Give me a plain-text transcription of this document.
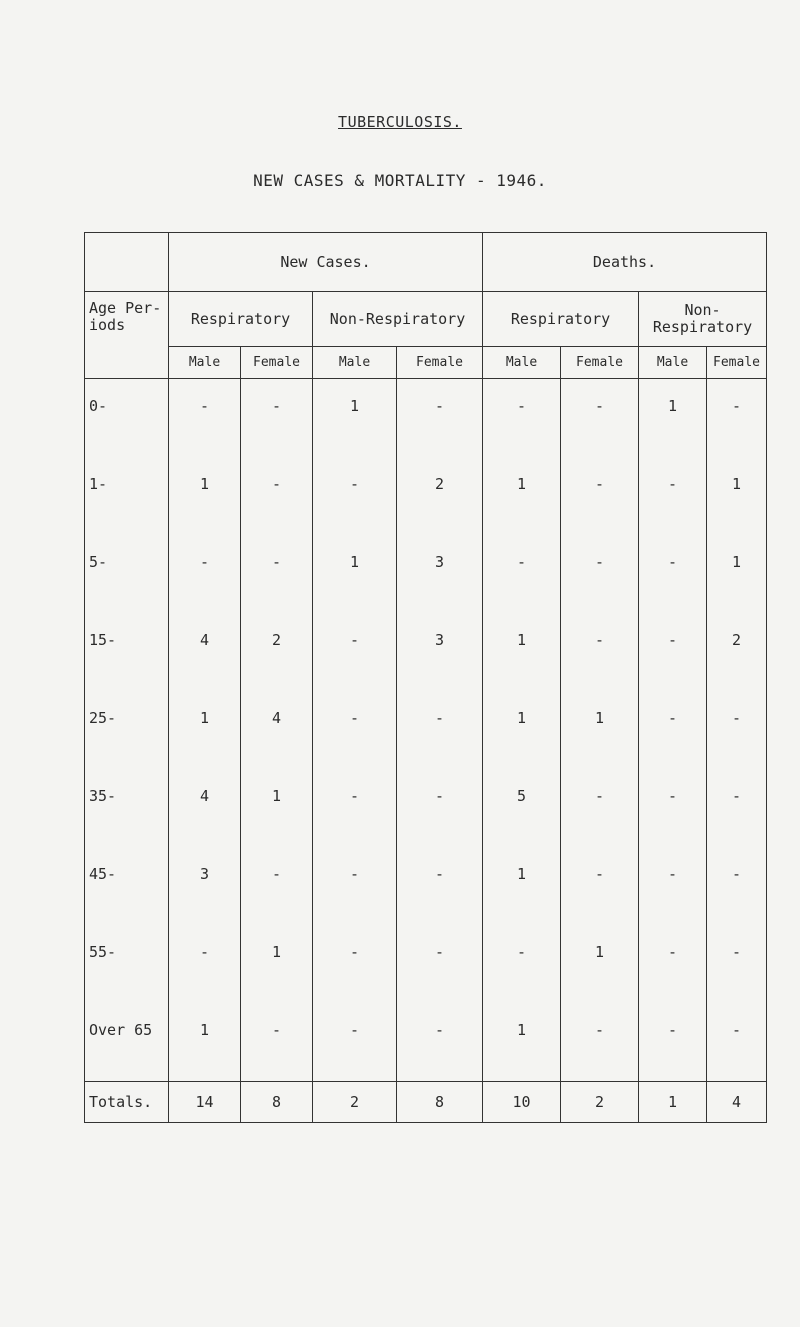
TUBERCULOSIS.
NEW CASES & MORTALITY - 1946.
	New Cases.				Deaths.			
Age Per- iods	Respiratory		Non-Respiratory		Respiratory		Non- Respiratory	
	Male	Female	Male	Female	Male	Female	Male	Female
0-	-	-	1	-	-	-	1	-
1-	1	-	-	2	1	-	-	1
5-	-	-	1	3	-	-	-	1
15-	4	2	-	3	1	-	-	2
25-	1	4	-	-	1	1	-	-
35-	4	1	-	-	5	-	-	-
45-	3	-	-	-	1	-	-	-
55-	-	1	-	-	-	1	-	-
Over 65	1	-	-	-	1	-	-	-
Totals.	14	8	2	8	10	2	1	4
